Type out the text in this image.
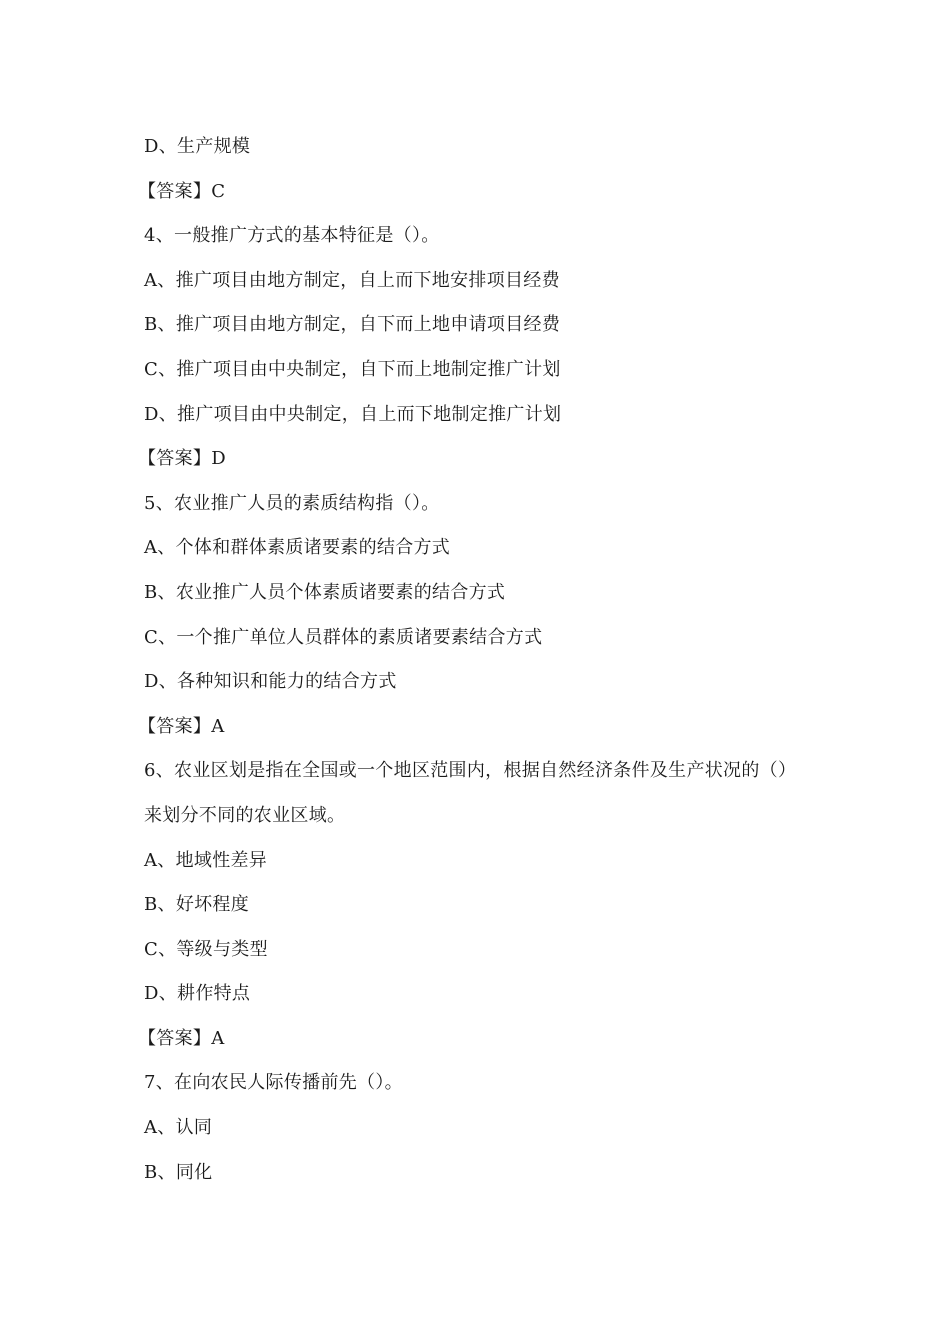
D、生产规模
【答案】C
4、一般推广方式的基本特征是（）。
A、推广项目由地方制定，自上而下地安排项目经费
B、推广项目由地方制定，自下而上地申请项目经费
C、推广项目由中央制定，自下而上地制定推广计划
D、推广项目由中央制定，自上而下地制定推广计划
【答案】D
5、农业推广人员的素质结构指（）。
A、个体和群体素质诸要素的结合方式
B、农业推广人员个体素质诸要素的结合方式
C、一个推广单位人员群体的素质诸要素结合方式
D、各种知识和能力的结合方式
【答案】A
6、农业区划是指在全国或一个地区范围内，根据自然经济条件及生产状况的（）
来划分不同的农业区域。
A、地域性差异
B、好坏程度
C、等级与类型
D、耕作特点
【答案】A
7、在向农民人际传播前先（）。
A、认同
B、同化
